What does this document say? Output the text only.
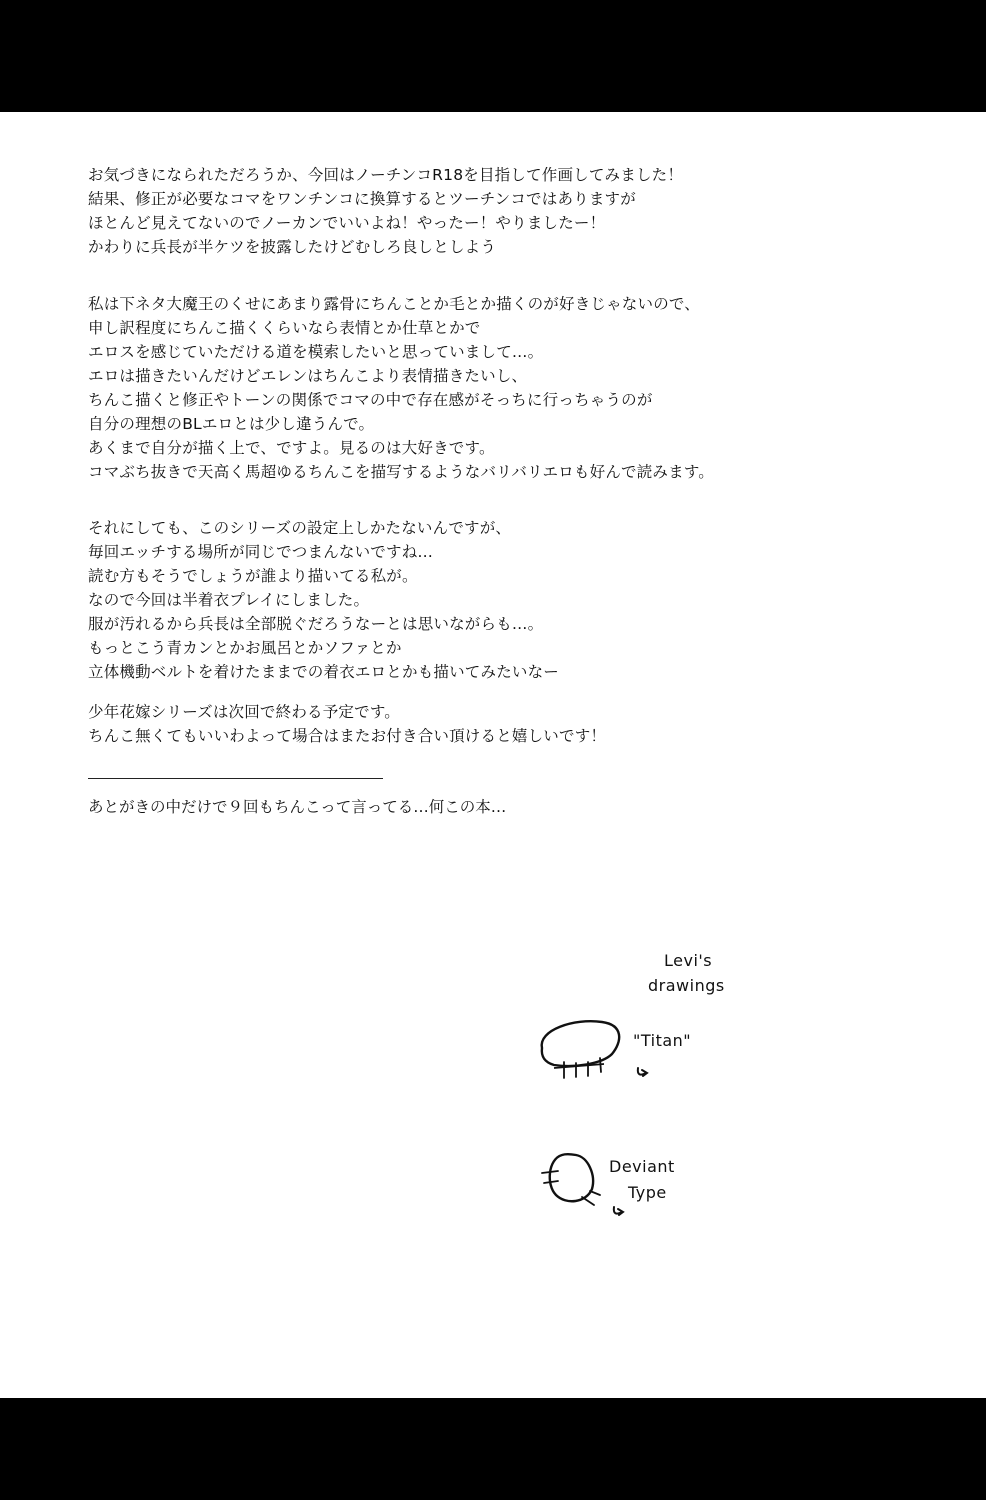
お気づきになられただろうか、今回はノーチンコR18を目指して作画してみました！
結果、修正が必要なコマをワンチンコに換算するとツーチンコではありますが
ほとんど見えてないのでノーカンでいいよね！やったー！やりましたー！
かわりに兵長が半ケツを披露したけどむしろ良しとしよう
私は下ネタ大魔王のくせにあまり露骨にちんことか毛とか描くのが好きじゃないので、
申し訳程度にちんこ描くくらいなら表情とか仕草とかで
エロスを感じていただける道を模索したいと思っていまして…。
エロは描きたいんだけどエレンはちんこより表情描きたいし、
ちんこ描くと修正やトーンの関係でコマの中で存在感がそっちに行っちゃうのが
自分の理想のBLエロとは少し違うんで。
あくまで自分が描く上で、ですよ。見るのは大好きです。
コマぶち抜きで天高く馬超ゆるちんこを描写するようなバリバリエロも好んで読みます。
それにしても、このシリーズの設定上しかたないんですが、
毎回エッチする場所が同じでつまんないですね…
読む方もそうでしょうが誰より描いてる私が。
なので今回は半着衣プレイにしました。
服が汚れるから兵長は全部脱ぐだろうなーとは思いながらも…。
もっとこう青カンとかお風呂とかソファとか
立体機動ベルトを着けたままでの着衣エロとかも描いてみたいなー
少年花嫁シリーズは次回で終わる予定です。
ちんこ無くてもいいわよって場合はまたお付き合い頂けると嬉しいです！
あとがきの中だけで９回もちんこって言ってる…何この本…
Levi's
drawings
"Titan"
Deviant
Type
